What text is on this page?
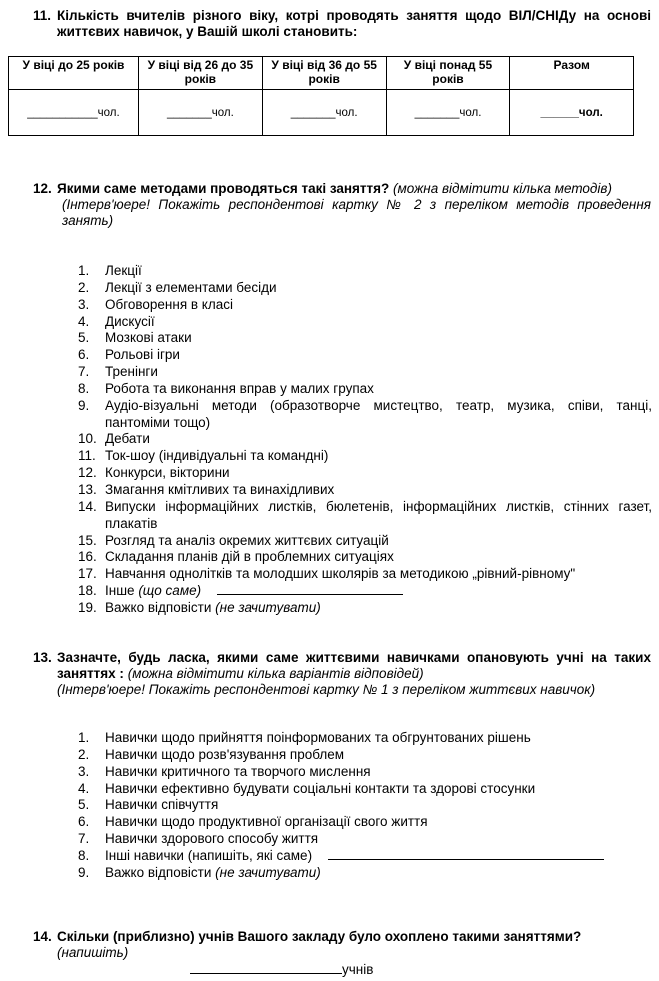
11. Кількість вчителів різного віку, котрі проводять заняття щодо ВІЛ/СНІДу на основі життєвих навичок, у Вашій школі становить:
У віці до 25 років	У віці від 26 до 35 років	У віці від 36 до 55 років	У віці понад 55 років	Разом
___________чол.	_______чол.	_______чол.	_______чол.	______чол.
12. Якими саме методами проводяться такі заняття? (можна відмітити кілька методів)
(Інтерв'юере! Покажіть респондентові картку № 2 з переліком методів проведення занять)
1. Лекції
2. Лекції з елементами бесіди
3. Обговорення в класі
4. Дискусії
5. Мозкові атаки
6. Рольові ігри
7. Тренінги
8. Робота та виконання вправ у малих групах
9. Аудіо-візуальні методи (образотворче мистецтво, театр, музика, співи, танці, пантоміми тощо)
10. Дебати
11. Ток-шоу (індивідуальні та командні)
12. Конкурси, вікторини
13. Змагання кмітливих та винахідливих
14. Випуски інформаційних листків, бюлетенів, інформаційних листків, стінних газет, плакатів
15. Розгляд та аналіз окремих життєвих ситуацій
16. Складання планів дій в проблемних ситуаціях
17. Навчання однолітків та молодших школярів за методикою „рівний-рівному"
18. Інше (що саме)
19. Важко відповісти (не зачитувати)
13. Зазначте, будь ласка, якими саме життєвими навичками опановують учні на таких заняттях : (можна відмітити кілька варіантів відповідей)
(Інтерв'юере! Покажіть респондентові картку № 1 з переліком життєвих навичок)
1. Навички щодо прийняття поінформованих та обгрунтованих рішень
2. Навички щодо розв'язування проблем
3. Навички критичного та творчого мислення
4. Навички ефективно будувати соціальні контакти та здорові стосунки
5. Навички співчуття
6. Навички щодо продуктивної організації свого життя
7. Навички здорового способу життя
8. Інші навички (напишіть, які саме)
9. Важко відповісти (не зачитувати)
14. Скільки (приблизно) учнів Вашого закладу було охоплено такими заняттями?
(напишіть)
учнів
